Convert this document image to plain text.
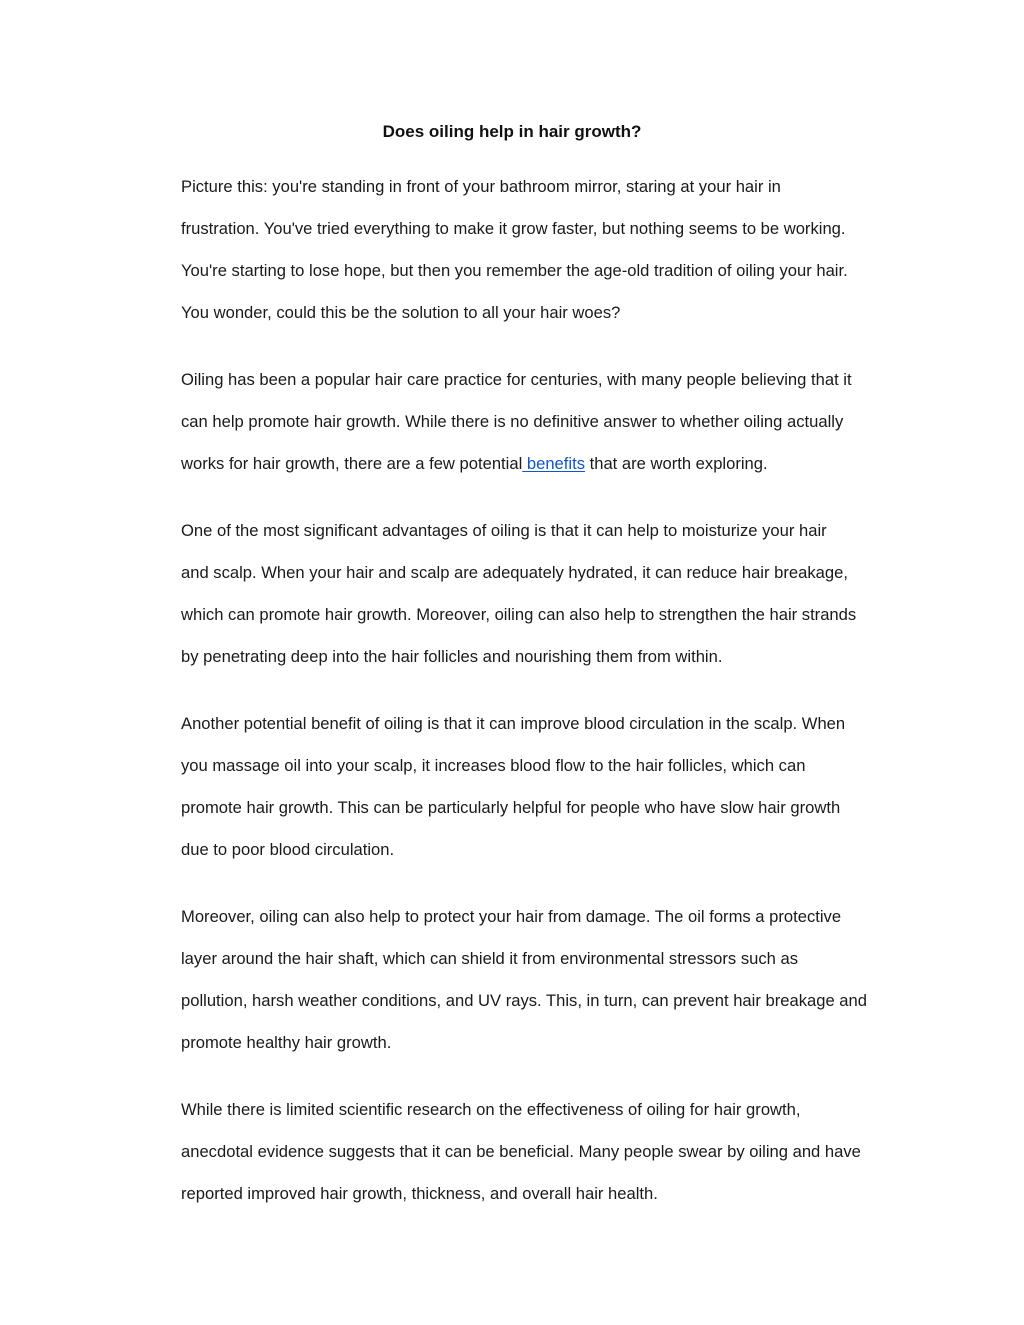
Does oiling help in hair growth?

Picture this: you're standing in front of your bathroom mirror, staring at your hair in
frustration. You've tried everything to make it grow faster, but nothing seems to be working.
You're starting to lose hope, but then you remember the age-old tradition of oiling your hair.
You wonder, could this be the solution to all your hair woes?

Oiling has been a popular hair care practice for centuries, with many people believing that it
can help promote hair growth. While there is no definitive answer to whether oiling actually
works for hair growth, there are a few potential benefits that are worth exploring.

One of the most significant advantages of oiling is that it can help to moisturize your hair
and scalp. When your hair and scalp are adequately hydrated, it can reduce hair breakage,
which can promote hair growth. Moreover, oiling can also help to strengthen the hair strands
by penetrating deep into the hair follicles and nourishing them from within.

Another potential benefit of oiling is that it can improve blood circulation in the scalp. When
you massage oil into your scalp, it increases blood flow to the hair follicles, which can
promote hair growth. This can be particularly helpful for people who have slow hair growth
due to poor blood circulation.

Moreover, oiling can also help to protect your hair from damage. The oil forms a protective
layer around the hair shaft, which can shield it from environmental stressors such as
pollution, harsh weather conditions, and UV rays. This, in turn, can prevent hair breakage and
promote healthy hair growth.

While there is limited scientific research on the effectiveness of oiling for hair growth,
anecdotal evidence suggests that it can be beneficial. Many people swear by oiling and have
reported improved hair growth, thickness, and overall hair health.
